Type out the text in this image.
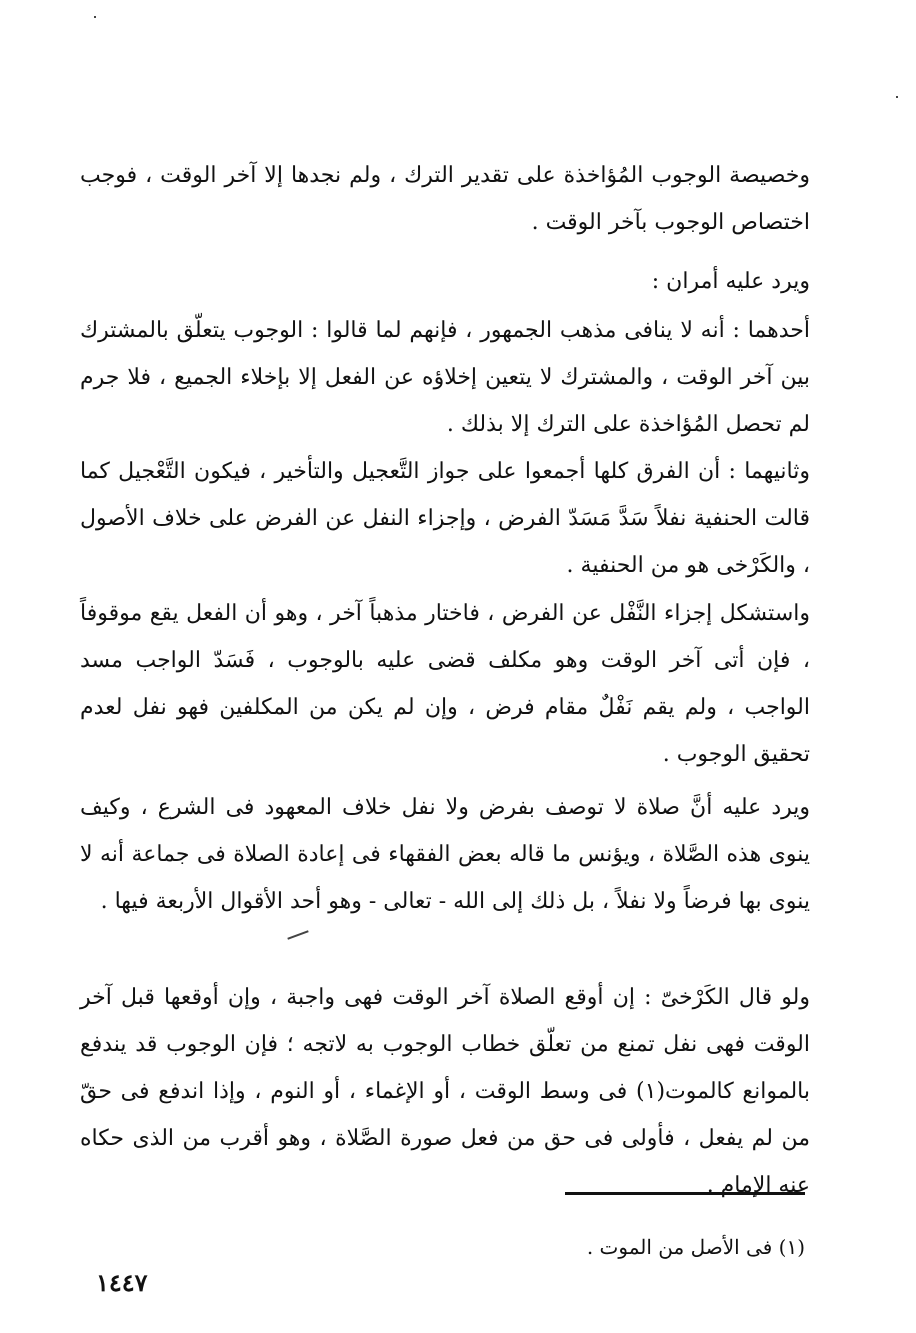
وخصيصة الوجوب المُؤاخذة على تقدير الترك ، ولم نجدها إلا آخر الوقت ، فوجب اختصاص الوجوب بآخر الوقت .

ويرد عليه أمران :

أحدهما : أنه لا ينافى مذهب الجمهور ، فإنهم لما قالوا : الوجوب يتعلّق بالمشترك بين آخر الوقت ، والمشترك لا يتعين إخلاؤه عن الفعل إلا بإخلاء الجميع ، فلا جرم لم تحصل المُؤاخذة على الترك إلا بذلك .

وثانيهما : أن الفرق كلها أجمعوا على جواز التَّعجيل والتأخير ، فيكون التَّعْجيل كما قالت الحنفية نفلاً سَدَّ مَسَدّ الفرض ، وإجزاء النفل عن الفرض على خلاف الأصول ، والكَرْخى هو من الحنفية .

واستشكل إجزاء النَّفْل عن الفرض ، فاختار مذهباً آخر ، وهو أن الفعل يقع موقوفاً ، فإن أتى آخر الوقت وهو مكلف قضى عليه بالوجوب ، فَسَدّ الواجب مسد الواجب ، ولم يقم نَفْلٌ مقام فرض ، وإن لم يكن من المكلفين فهو نفل لعدم تحقيق الوجوب .

ويرد عليه أنَّ صلاة لا توصف بفرض ولا نفل خلاف المعهود فى الشرع ، وكيف ينوى هذه الصَّلاة ، ويؤنس ما قاله بعض الفقهاء فى إعادة الصلاة فى جماعة أنه لا ينوى بها فرضاً ولا نفلاً ، بل ذلك إلى الله - تعالى - وهو أحد الأقوال الأربعة فيها .

ولو قال الكَرْخىّ : إن أوقع الصلاة آخر الوقت فهى واجبة ، وإن أوقعها قبل آخر الوقت فهى نفل تمنع من تعلّق خطاب الوجوب به لاتجه ؛ فإن الوجوب قد يندفع بالموانع كالموت(١) فى وسط الوقت ، أو الإغماء ، أو النوم ، وإذا اندفع فى حقّ من لم يفعل ، فأولى فى حق من فعل صورة الصَّلاة ، وهو أقرب من الذى حكاه عنه الإمام .

(١) فى الأصل من الموت .

١٤٤٧
